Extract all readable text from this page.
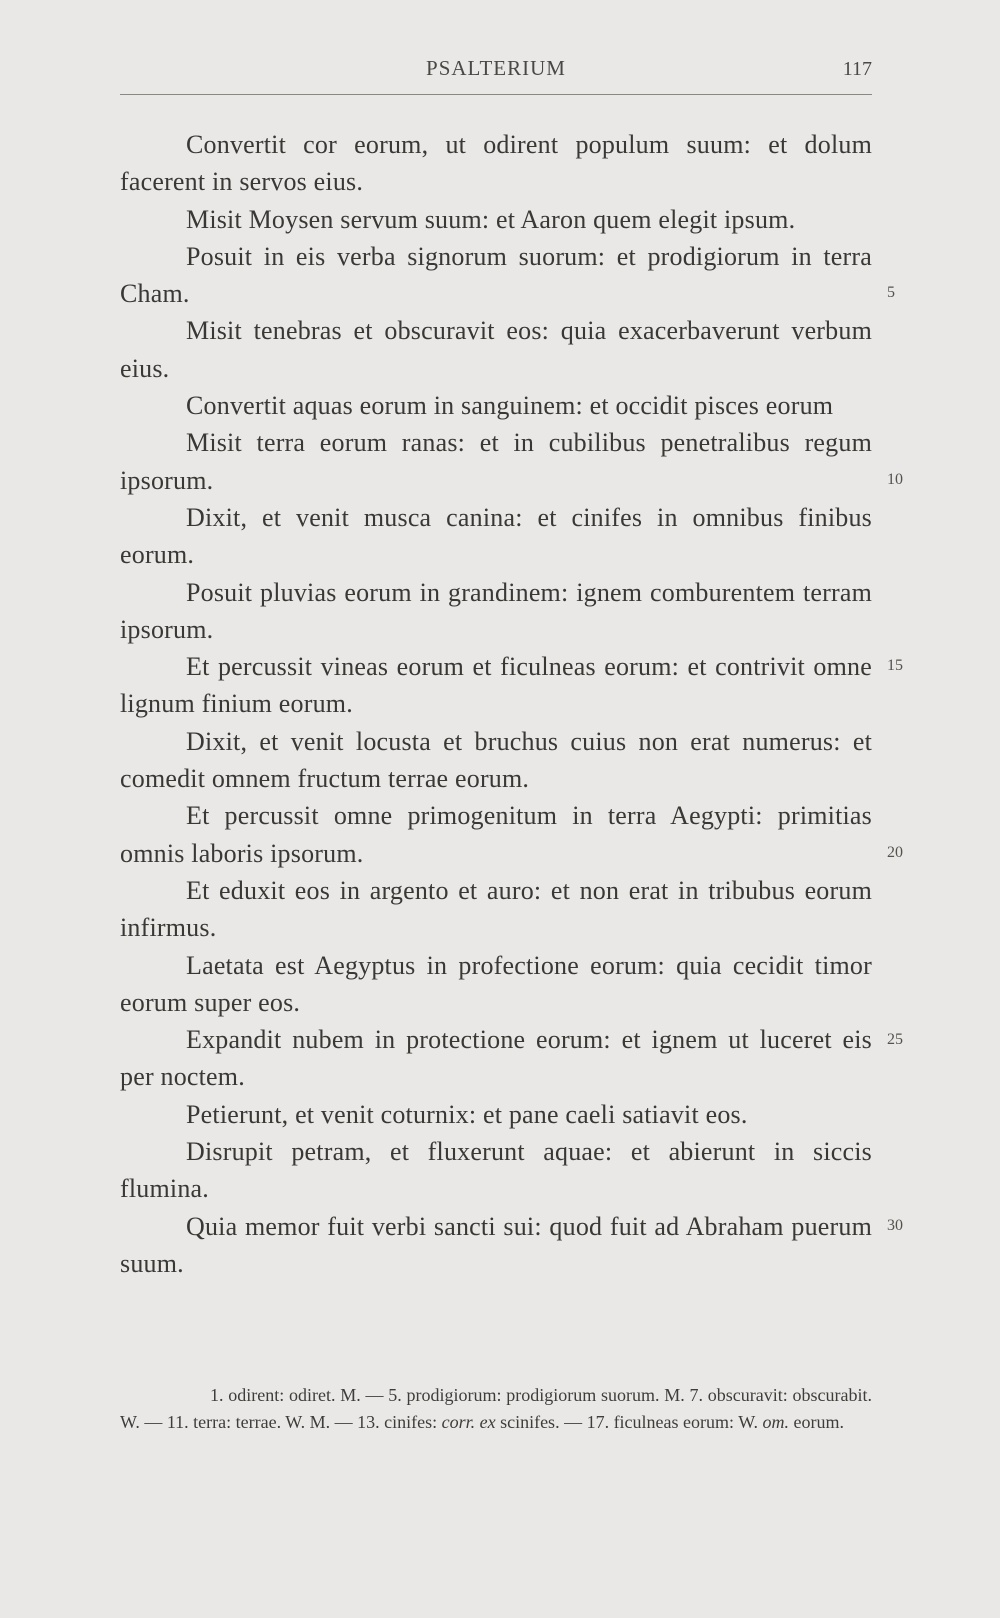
PSALTERIUM	117

Convertit cor eorum, ut odirent populum suum: et dolum facerent in servos eius.

Misit Moysen servum suum: et Aaron quem elegit ipsum.

Posuit in eis verba signorum suorum: et prodigiorum in terra Cham.

Misit tenebras et obscuravit eos: quia exacerbaverunt verbum eius.

Convertit aquas eorum in sanguinem: et occidit pisces eorum

Misit terra eorum ranas: et in cubilibus penetralibus regum ipsorum.

Dixit, et venit musca canina: et cinifes in omnibus finibus eorum.

Posuit pluvias eorum in grandinem: ignem comburentem terram ipsorum.

Et percussit vineas eorum et ficulneas eorum: et contrivit omne lignum finium eorum.

Dixit, et venit locusta et bruchus cuius non erat numerus: et comedit omnem fructum terrae eorum.

Et percussit omne primogenitum in terra Aegypti: primitias omnis laboris ipsorum.

Et eduxit eos in argento et auro: et non erat in tribubus eorum infirmus.

Laetata est Aegyptus in profectione eorum: quia cecidit timor eorum super eos.

Expandit nubem in protectione eorum: et ignem ut luceret eis per noctem.

Petierunt, et venit coturnix: et pane caeli satiavit eos.

Disrupit petram, et fluxerunt aquae: et abierunt in siccis flumina.

Quia memor fuit verbi sancti sui: quod fuit ad Abraham puerum suum.

5
10
15
20
25
30
1. odirent: odiret. M. — 5. prodigiorum: prodigiorum suorum. M. 7. obscuravit: obscurabit. W. — 11. terra: terrae. W. M. — 13. cinifes: corr. ex scinifes. — 17. ficulneas eorum: W. om. eorum.
